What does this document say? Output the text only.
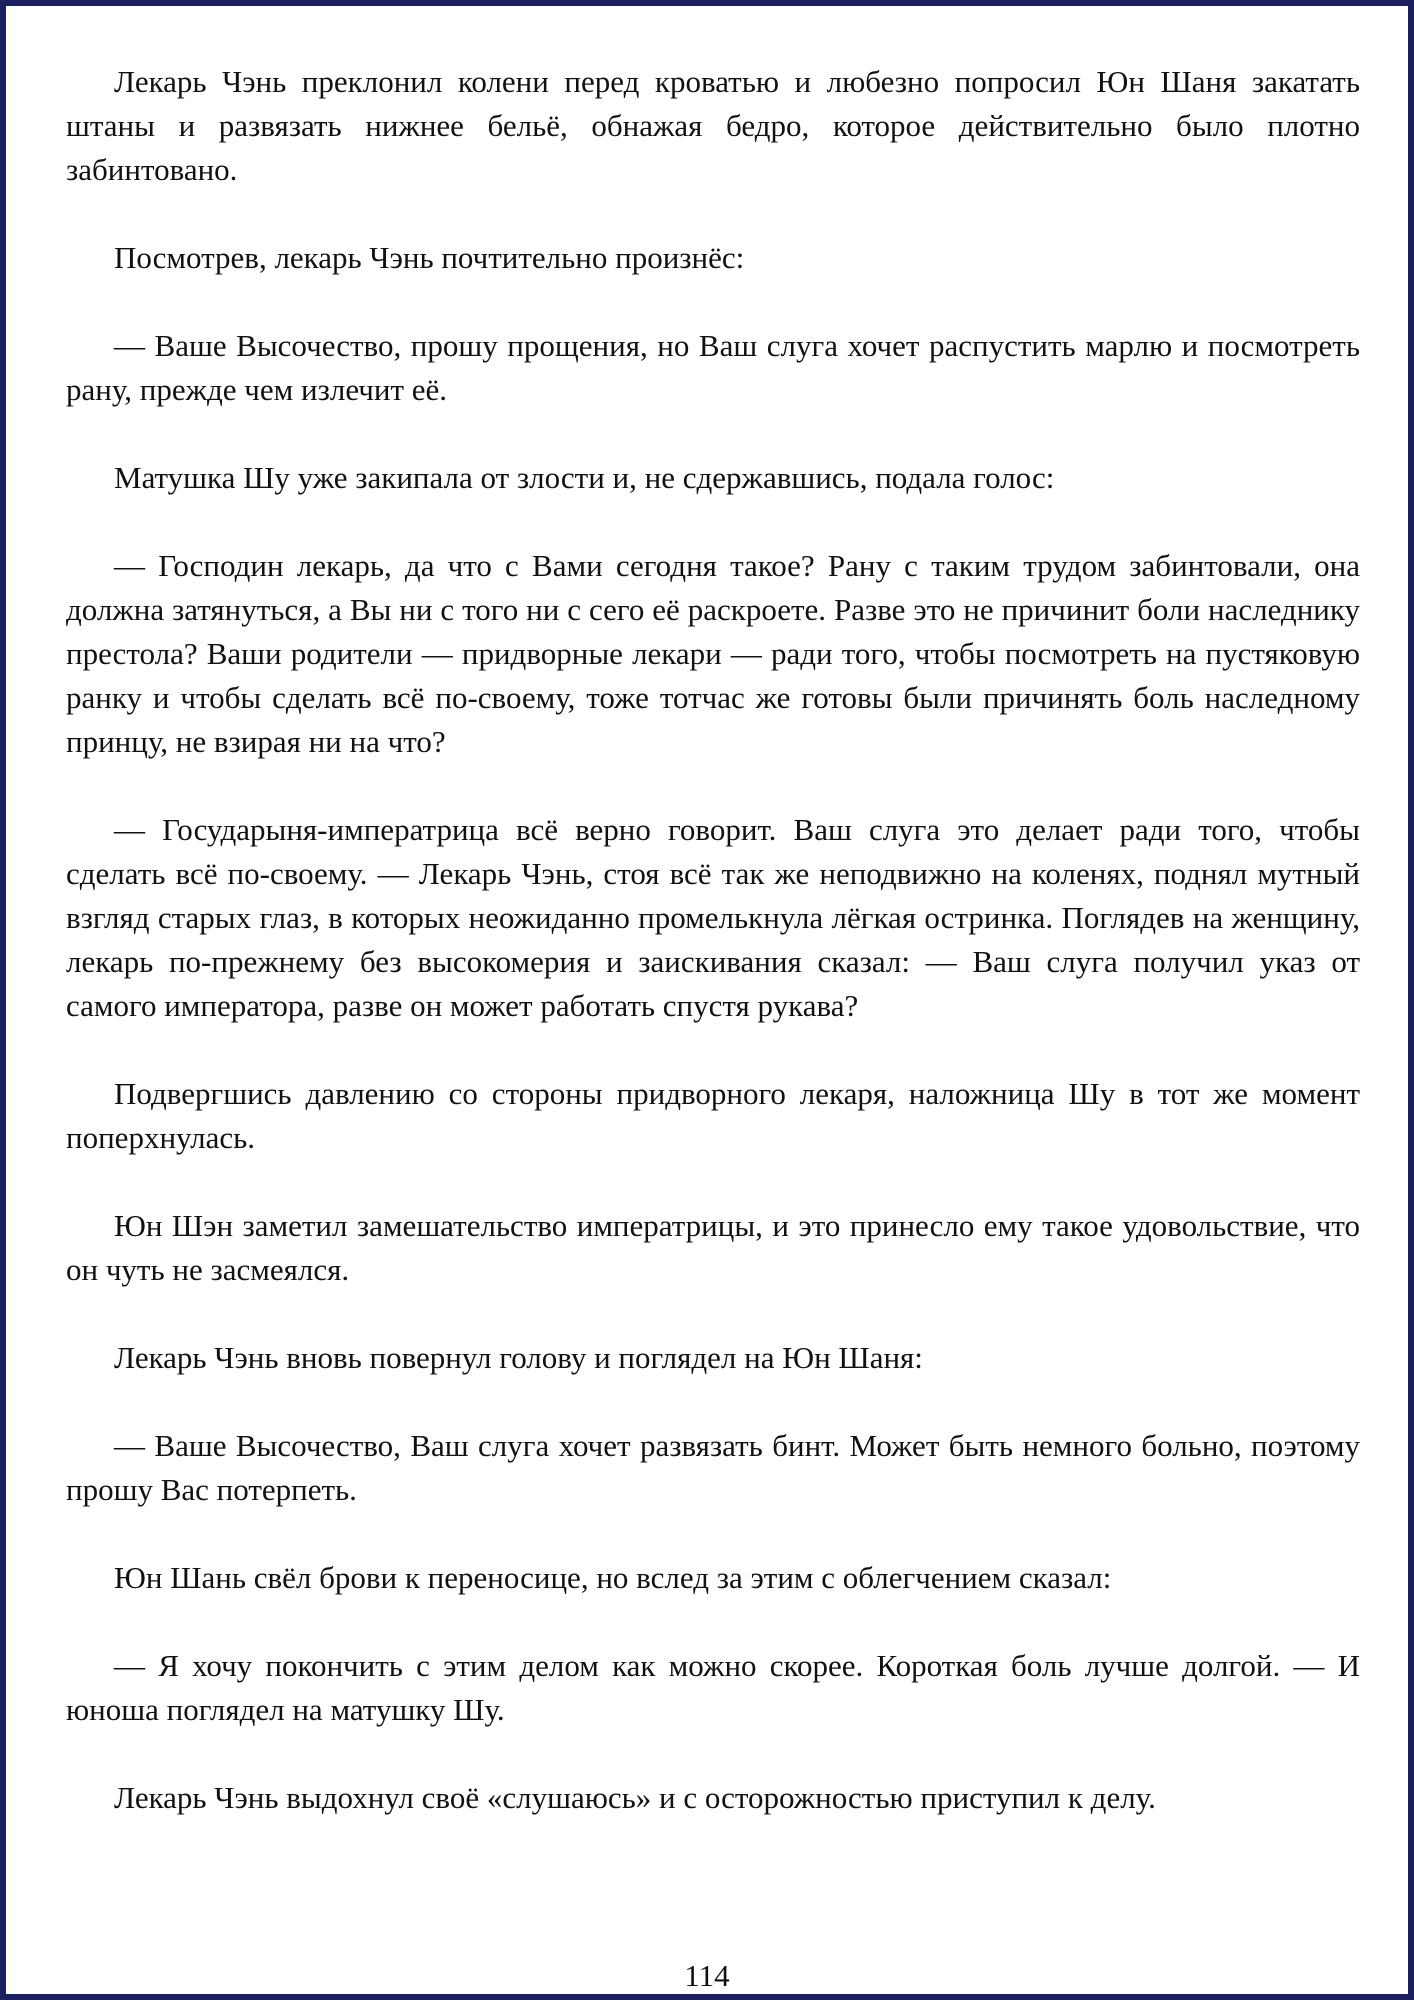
Лекарь Чэнь преклонил колени перед кроватью и любезно попросил Юн Шаня закатать штаны и развязать нижнее бельё, обнажая бедро, которое действительно было плотно забинтовано.

Посмотрев, лекарь Чэнь почтительно произнёс:

— Ваше Высочество, прошу прощения, но Ваш слуга хочет распустить марлю и посмотреть рану, прежде чем излечит её.

Матушка Шу уже закипала от злости и, не сдержавшись, подала голос:

— Господин лекарь, да что с Вами сегодня такое? Рану с таким трудом забинтовали, она должна затянуться, а Вы ни с того ни с сего её раскроете. Разве это не причинит боли наследнику престола? Ваши родители — придворные лекари — ради того, чтобы посмотреть на пустяковую ранку и чтобы сделать всё по-своему, тоже тотчас же готовы были причинять боль наследному принцу, не взирая ни на что?

— Государыня-императрица всё верно говорит. Ваш слуга это делает ради того, чтобы сделать всё по-своему. — Лекарь Чэнь, стоя всё так же неподвижно на коленях, поднял мутный взгляд старых глаз, в которых неожиданно промелькнула лёгкая остринка. Поглядев на женщину, лекарь по-прежнему без высокомерия и заискивания сказал: — Ваш слуга получил указ от самого императора, разве он может работать спустя рукава?

Подвергшись давлению со стороны придворного лекаря, наложница Шу в тот же момент поперхнулась.

Юн Шэн заметил замешательство императрицы, и это принесло ему такое удовольствие, что он чуть не засмеялся.

Лекарь Чэнь вновь повернул голову и поглядел на Юн Шаня:

— Ваше Высочество, Ваш слуга хочет развязать бинт. Может быть немного больно, поэтому прошу Вас потерпеть.

Юн Шань свёл брови к переносице, но вслед за этим с облегчением сказал:

— Я хочу покончить с этим делом как можно скорее. Короткая боль лучше долгой. — И юноша поглядел на матушку Шу.

Лекарь Чэнь выдохнул своё «слушаюсь» и с осторожностью приступил к делу.

114
